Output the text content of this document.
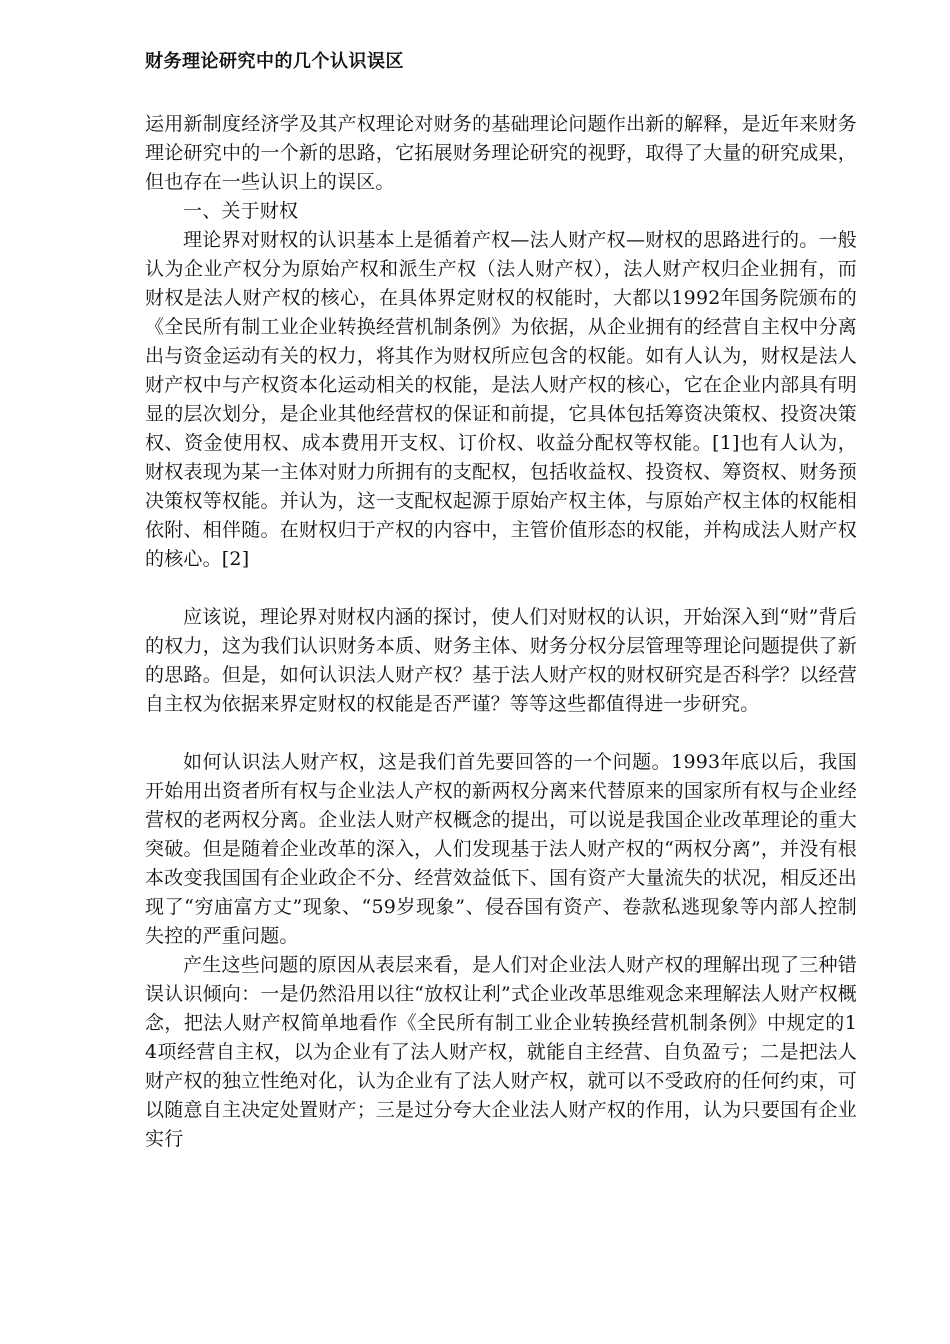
财务理论研究中的几个认识误区

运用新制度经济学及其产权理论对财务的基础理论问题作出新的解释，是近年来财务理论研究中的一个新的思路，它拓展财务理论研究的视野，取得了大量的研究成果，但也存在一些认识上的误区。

一、关于财权

理论界对财权的认识基本上是循着产权—法人财产权—财权的思路进行的。一般认为企业产权分为原始产权和派生产权（法人财产权），法人财产权归企业拥有，而财权是法人财产权的核心，在具体界定财权的权能时，大都以1992年国务院颁布的《全民所有制工业企业转换经营机制条例》为依据，从企业拥有的经营自主权中分离出与资金运动有关的权力，将其作为财权所应包含的权能。如有人认为，财权是法人财产权中与产权资本化运动相关的权能，是法人财产权的核心，它在企业内部具有明显的层次划分，是企业其他经营权的保证和前提，它具体包括筹资决策权、投资决策权、资金使用权、成本费用开支权、订价权、收益分配权等权能。[1]也有人认为，财权表现为某一主体对财力所拥有的支配权，包括收益权、投资权、筹资权、财务预决策权等权能。并认为，这一支配权起源于原始产权主体，与原始产权主体的权能相依附、相伴随。在财权归于产权的内容中，主管价值形态的权能，并构成法人财产权的核心。[2]

应该说，理论界对财权内涵的探讨，使人们对财权的认识，开始深入到“财”背后的权力，这为我们认识财务本质、财务主体、财务分权分层管理等理论问题提供了新的思路。但是，如何认识法人财产权？基于法人财产权的财权研究是否科学？以经营自主权为依据来界定财权的权能是否严谨？等等这些都值得进一步研究。

如何认识法人财产权，这是我们首先要回答的一个问题。1993年底以后，我国开始用出资者所有权与企业法人产权的新两权分离来代替原来的国家所有权与企业经营权的老两权分离。企业法人财产权概念的提出，可以说是我国企业改革理论的重大突破。但是随着企业改革的深入，人们发现基于法人财产权的“两权分离”，并没有根本改变我国国有企业政企不分、经营效益低下、国有资产大量流失的状况，相反还出现了“穷庙富方丈”现象、“59岁现象”、侵吞国有资产、卷款私逃现象等内部人控制失控的严重问题。

产生这些问题的原因从表层来看，是人们对企业法人财产权的理解出现了三种错误认识倾向：一是仍然沿用以往“放权让利”式企业改革思维观念来理解法人财产权概念，把法人财产权简单地看作《全民所有制工业企业转换经营机制条例》中规定的14项经营自主权，以为企业有了法人财产权，就能自主经营、自负盈亏；二是把法人财产权的独立性绝对化，认为企业有了法人财产权，就可以不受政府的任何约束，可以随意自主决定处置财产；三是过分夸大企业法人财产权的作用，认为只要国有企业实行
